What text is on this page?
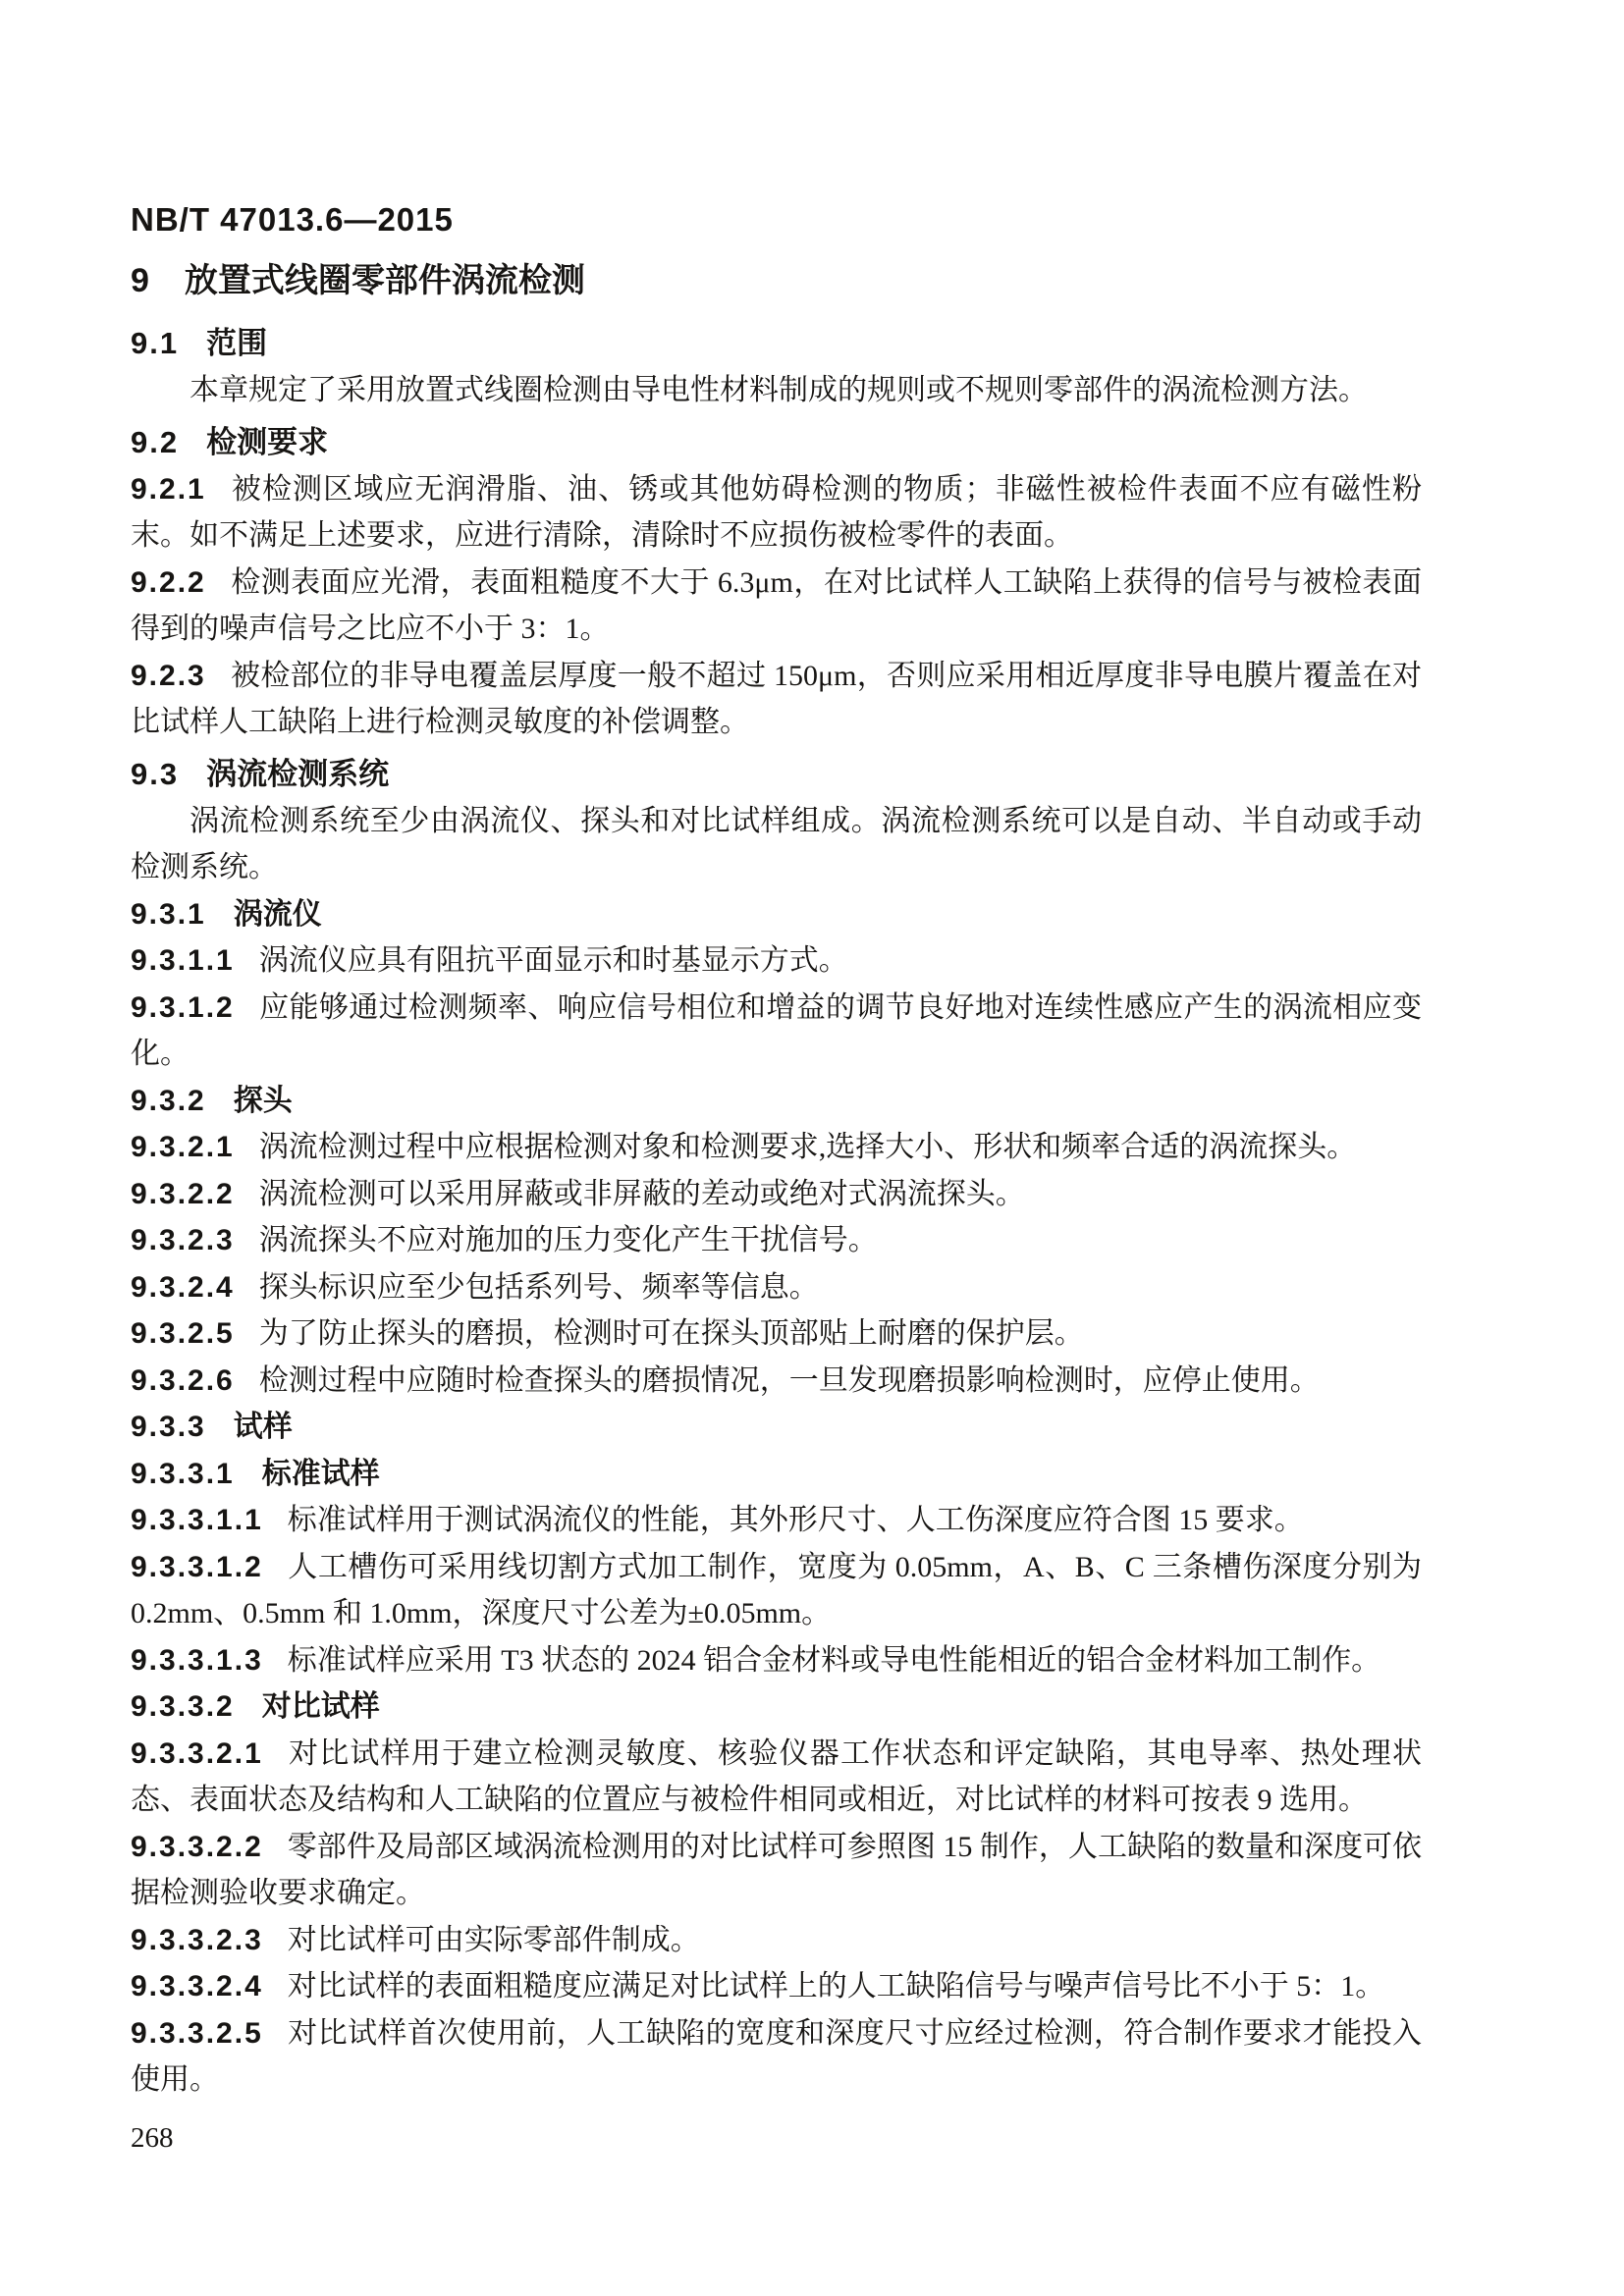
NB/T 47013.6—2015

9 放置式线圈零部件涡流检测

9.1 范围

本章规定了采用放置式线圈检测由导电性材料制成的规则或不规则零部件的涡流检测方法。

9.2 检测要求

9.2.1 被检测区域应无润滑脂、油、锈或其他妨碍检测的物质；非磁性被检件表面不应有磁性粉末。如不满足上述要求，应进行清除，清除时不应损伤被检零件的表面。

9.2.2 检测表面应光滑，表面粗糙度不大于 6.3μm，在对比试样人工缺陷上获得的信号与被检表面得到的噪声信号之比应不小于 3：1。

9.2.3 被检部位的非导电覆盖层厚度一般不超过 150μm，否则应采用相近厚度非导电膜片覆盖在对比试样人工缺陷上进行检测灵敏度的补偿调整。

9.3 涡流检测系统

涡流检测系统至少由涡流仪、探头和对比试样组成。涡流检测系统可以是自动、半自动或手动检测系统。

9.3.1 涡流仪

9.3.1.1 涡流仪应具有阻抗平面显示和时基显示方式。

9.3.1.2 应能够通过检测频率、响应信号相位和增益的调节良好地对连续性感应产生的涡流相应变化。

9.3.2 探头

9.3.2.1 涡流检测过程中应根据检测对象和检测要求,选择大小、形状和频率合适的涡流探头。

9.3.2.2 涡流检测可以采用屏蔽或非屏蔽的差动或绝对式涡流探头。

9.3.2.3 涡流探头不应对施加的压力变化产生干扰信号。

9.3.2.4 探头标识应至少包括系列号、频率等信息。

9.3.2.5 为了防止探头的磨损，检测时可在探头顶部贴上耐磨的保护层。

9.3.2.6 检测过程中应随时检查探头的磨损情况，一旦发现磨损影响检测时，应停止使用。

9.3.3 试样

9.3.3.1 标准试样

9.3.3.1.1 标准试样用于测试涡流仪的性能，其外形尺寸、人工伤深度应符合图 15 要求。

9.3.3.1.2 人工槽伤可采用线切割方式加工制作，宽度为 0.05mm，A、B、C 三条槽伤深度分别为 0.2mm、0.5mm 和 1.0mm，深度尺寸公差为±0.05mm。

9.3.3.1.3 标准试样应采用 T3 状态的 2024 铝合金材料或导电性能相近的铝合金材料加工制作。

9.3.3.2 对比试样

9.3.3.2.1 对比试样用于建立检测灵敏度、核验仪器工作状态和评定缺陷，其电导率、热处理状态、表面状态及结构和人工缺陷的位置应与被检件相同或相近，对比试样的材料可按表 9 选用。

9.3.3.2.2 零部件及局部区域涡流检测用的对比试样可参照图 15 制作，人工缺陷的数量和深度可依据检测验收要求确定。

9.3.3.2.3 对比试样可由实际零部件制成。

9.3.3.2.4 对比试样的表面粗糙度应满足对比试样上的人工缺陷信号与噪声信号比不小于 5：1。

9.3.3.2.5 对比试样首次使用前，人工缺陷的宽度和深度尺寸应经过检测，符合制作要求才能投入使用。

268
